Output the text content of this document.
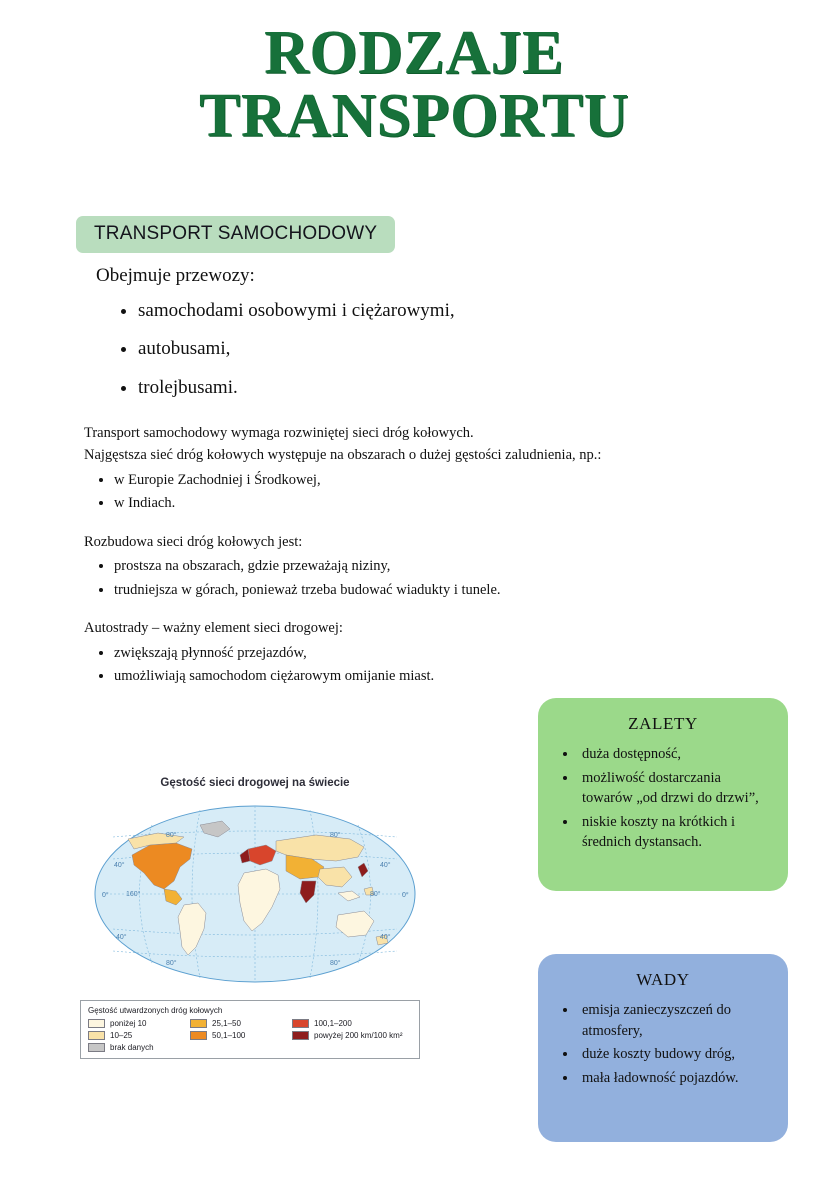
RODZAJE
TRANSPORTU
TRANSPORT SAMOCHODOWY

Obejmuje przewozy:

• samochodami osobowymi i ciężarowymi,
• autobusami,
• trolejbusami.

Transport samochodowy wymaga rozwiniętej sieci dróg kołowych.

Najgęstsza sieć dróg kołowych występuje na obszarach o dużej gęstości zaludnienia, np.:

• w Europie Zachodniej i Środkowej,
• w Indiach.

Rozbudowa sieci dróg kołowych jest:

• prostsza na obszarach, gdzie przeważają niziny,
• trudniejsza w górach, ponieważ trzeba budować wiadukty i tunele.

Autostrady – ważny element sieci drogowej:

• zwiększają płynność przejazdów,
• umożliwiają samochodom ciężarowym omijanie miast.
Gęstość sieci drogowej na świecie
80°	80°
40°	40°
0°	0°
160°	80°
40°	40°
80°	80°
Gęstość utwardzonych dróg kołowych
poniżej 10	25,1–50	100,1–200
10–25	50,1–100	powyżej 200 km/100 km²
brak danych
ZALETY
• duża dostępność,
• możliwość dostarczania towarów „od drzwi do drzwi”,
• niskie koszty na krótkich i średnich dystansach.
WADY
• emisja zanieczyszczeń do atmosfery,
• duże koszty budowy dróg,
• mała ładowność pojazdów.
